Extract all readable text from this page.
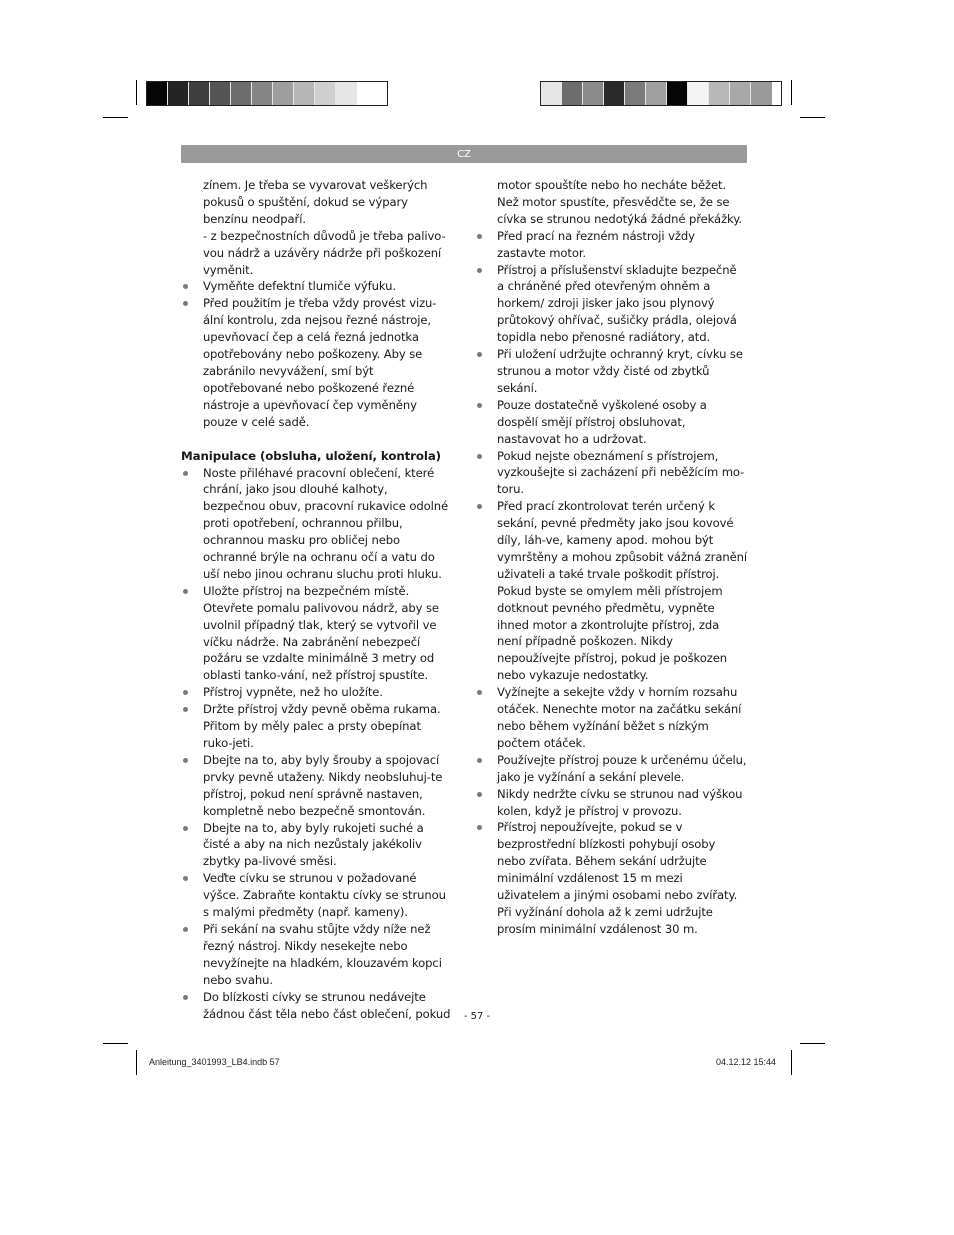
CZ

zínem. Je třeba se vyvarovat veškerých pokusů o spuštění, dokud se výpary benzínu neodpaří.

- z bezpečnostních důvodů je třeba palivo-vou nádrž a uzávěry nádrže při poškození vyměnit.

Vyměňte defektní tlumiče výfuku.

Před použitím je třeba vždy provést vizu-ální kontrolu, zda nejsou řezné nástroje, upevňovací čep a celá řezná jednotka opotřebovány nebo poškozeny. Aby se zabránilo nevyvážení, smí být opotřebované nebo poškozené řezné nástroje a upevňovací čep vyměněny pouze v celé sadě.

Manipulace (obsluha, uložení, kontrola)

Noste přiléhavé pracovní oblečení, které chrání, jako jsou dlouhé kalhoty, bezpečnou obuv, pracovní rukavice odolné proti opotřebení, ochrannou přilbu, ochrannou masku pro obličej nebo ochranné brýle na ochranu očí a vatu do uší nebo jinou ochranu sluchu proti hluku.

Uložte přístroj na bezpečném místě. Otevřete pomalu palivovou nádrž, aby se uvolnil případný tlak, který se vytvořil ve víčku nádrže. Na zabránění nebezpečí požáru se vzdalte minimálně 3 metry od oblasti tanko-vání, než přístroj spustíte.

Přístroj vypněte, než ho uložíte.

Držte přístroj vždy pevně oběma rukama. Přitom by měly palec a prsty obepínat ruko-jeti.

Dbejte na to, aby byly šrouby a spojovací prvky pevně utaženy. Nikdy neobsluhuj-te přístroj, pokud není správně nastaven, kompletně nebo bezpečně smontován.

Dbejte na to, aby byly rukojeti suché a čisté a aby na nich nezůstaly jakékoliv zbytky pa-livové směsi.

Veďte cívku se strunou v požadované výšce. Zabraňte kontaktu cívky se strunou s malými předměty (např. kameny).

Při sekání na svahu stůjte vždy níže než řezný nástroj. Nikdy nesekejte nebo nevyžínejte na hladkém, klouzavém kopci nebo svahu.

Do blízkosti cívky se strunou nedávejte žádnou část těla nebo část oblečení, pokud

motor spouštíte nebo ho necháte běžet. Než motor spustíte, přesvědčte se, že se cívka se strunou nedotýká žádné překážky.

Před prací na řezném nástroji vždy zastavte motor.

Přístroj a příslušenství skladujte bezpečně a chráněné před otevřeným ohněm a horkem/ zdroji jisker jako jsou plynový průtokový ohřívač, sušičky prádla, olejová topidla nebo přenosné radiátory, atd.

Při uložení udržujte ochranný kryt, cívku se strunou a motor vždy čisté od zbytků sekání.

Pouze dostatečně vyškolené osoby a dospělí smějí přístroj obsluhovat, nastavovat ho a udržovat.

Pokud nejste obeznámení s přístrojem, vyzkoušejte si zacházení při neběžícím mo-toru.

Před prací zkontrolovat terén určený k sekání, pevné předměty jako jsou kovové díly, láh-ve, kameny apod. mohou být vymrštěny a mohou způsobit vážná zranění uživateli a také trvale poškodit přístroj. Pokud byste se omylem měli přístrojem dotknout pevného předmětu, vypněte ihned motor a zkontrolujte přístroj, zda není případně poškozen. Nikdy nepoužívejte přístroj, pokud je poškozen nebo vykazuje nedostatky.

Vyžínejte a sekejte vždy v horním rozsahu otáček. Nenechte motor na začátku sekání nebo během vyžínání běžet s nízkým počtem otáček.

Používejte přístroj pouze k určenému účelu, jako je vyžínání a sekání plevele.

Nikdy nedržte cívku se strunou nad výškou kolen, když je přístroj v provozu.

Přístroj nepoužívejte, pokud se v bezprostřední blízkosti pohybují osoby nebo zvířata. Během sekání udržujte minimální vzdálenost 15 m mezi uživatelem a jinými osobami nebo zvířaty. Při vyžínání dohola až k zemi udržujte prosím minimální vzdálenost 30 m.

- 57 -
Anleitung_3401993_LB4.indb 57	04.12.12 15:44
